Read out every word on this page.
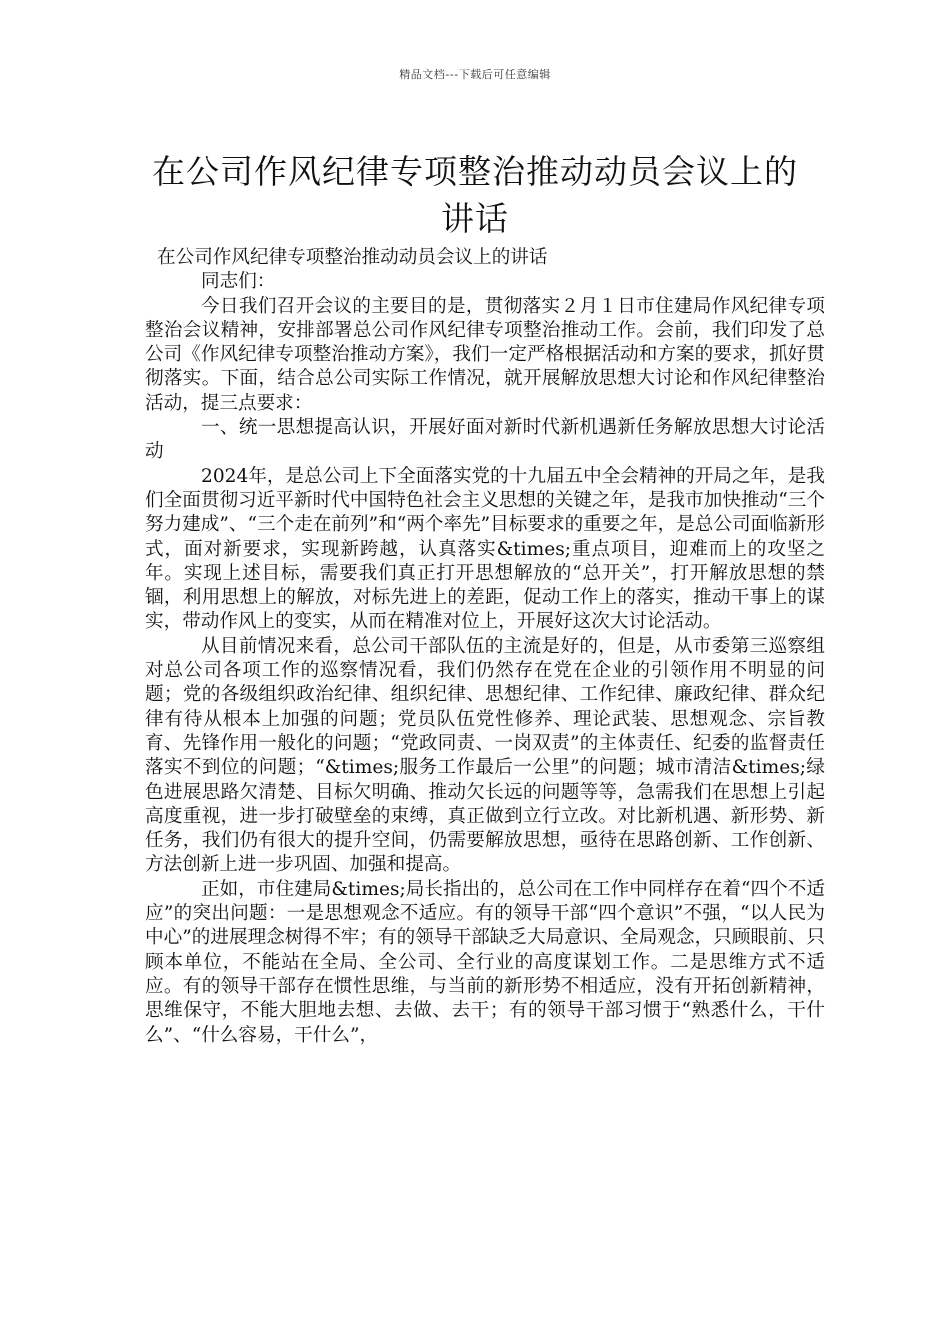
精品文档---下载后可任意编辑
在公司作风纪律专项整治推动动员会议上的讲话

在公司作风纪律专项整治推动动员会议上的讲话

同志们：

今日我们召开会议的主要目的是，贯彻落实２月１日市住建局作风纪律专项整治会议精神，安排部署总公司作风纪律专项整治推动工作。会前，我们印发了总公司《作风纪律专项整治推动方案》，我们一定严格根据活动和方案的要求，抓好贯彻落实。下面，结合总公司实际工作情况，就开展解放思想大讨论和作风纪律整治活动，提三点要求：

一、统一思想提高认识，开展好面对新时代新机遇新任务解放思想大讨论活动

2024年，是总公司上下全面落实党的十九届五中全会精神的开局之年，是我们全面贯彻习近平新时代中国特色社会主义思想的关键之年，是我市加快推动“三个努力建成”、“三个走在前列”和“两个率先”目标要求的重要之年，是总公司面临新形式，面对新要求，实现新跨越，认真落实&times;重点项目，迎难而上的攻坚之年。实现上述目标，需要我们真正打开思想解放的“总开关”，打开解放思想的禁锢，利用思想上的解放，对标先进上的差距，促动工作上的落实，推动干事上的谋实，带动作风上的变实，从而在精准对位上，开展好这次大讨论活动。

从目前情况来看，总公司干部队伍的主流是好的，但是，从市委第三巡察组对总公司各项工作的巡察情况看，我们仍然存在党在企业的引领作用不明显的问题；党的各级组织政治纪律、组织纪律、思想纪律、工作纪律、廉政纪律、群众纪律有待从根本上加强的问题；党员队伍党性修养、理论武装、思想观念、宗旨教育、先锋作用一般化的问题；“党政同责、一岗双责”的主体责任、纪委的监督责任落实不到位的问题；“&times;服务工作最后一公里”的问题；城市清洁&times;绿色进展思路欠清楚、目标欠明确、推动欠长远的问题等等，急需我们在思想上引起高度重视，进一步打破壁垒的束缚，真正做到立行立改。对比新机遇、新形势、新任务，我们仍有很大的提升空间，仍需要解放思想，亟待在思路创新、工作创新、方法创新上进一步巩固、加强和提高。

正如，市住建局&times;局长指出的，总公司在工作中同样存在着“四个不适应”的突出问题：一是思想观念不适应。有的领导干部“四个意识”不强，“以人民为中心”的进展理念树得不牢；有的领导干部缺乏大局意识、全局观念，只顾眼前、只顾本单位，不能站在全局、全公司、全行业的高度谋划工作。二是思维方式不适应。有的领导干部存在惯性思维，与当前的新形势不相适应，没有开拓创新精神，思维保守，不能大胆地去想、去做、去干；有的领导干部习惯于“熟悉什么，干什么”、“什么容易，干什么”，
